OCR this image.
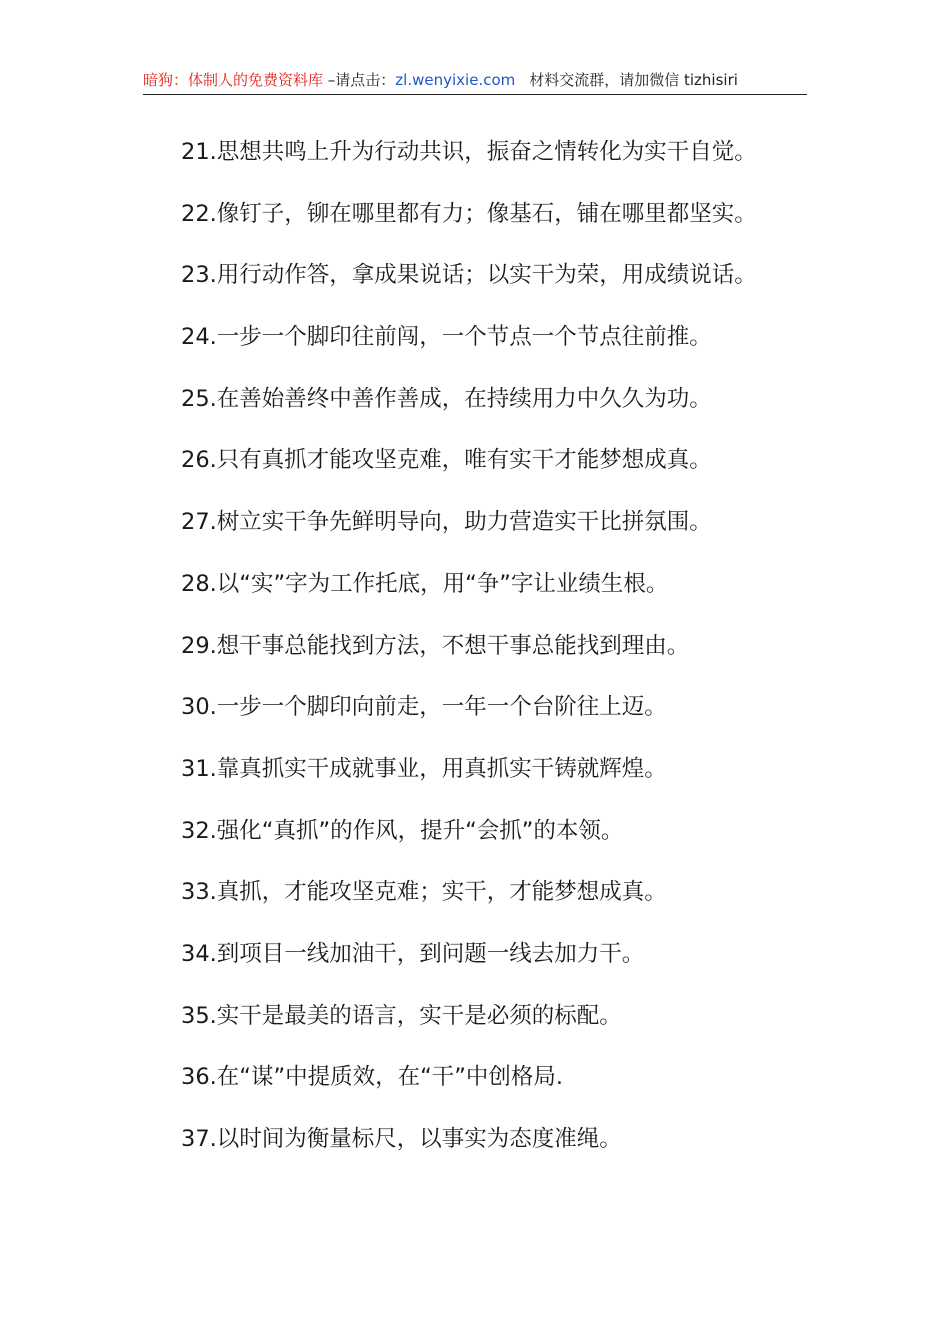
暗狗：体制人的免费资料库 –请点击：zl.wenyixie.com 材料交流群，请加微信 tizhisiri
21.思想共鸣上升为行动共识，振奋之情转化为实干自觉。
22.像钉子，铆在哪里都有力；像基石，铺在哪里都坚实。
23.用行动作答，拿成果说话；以实干为荣，用成绩说话。
24.一步一个脚印往前闯，一个节点一个节点往前推。
25.在善始善终中善作善成，在持续用力中久久为功。
26.只有真抓才能攻坚克难，唯有实干才能梦想成真。
27.树立实干争先鲜明导向，助力营造实干比拼氛围。
28.以“实”字为工作托底，用“争”字让业绩生根。
29.想干事总能找到方法，不想干事总能找到理由。
30.一步一个脚印向前走，一年一个台阶往上迈。
31.靠真抓实干成就事业，用真抓实干铸就辉煌。
32.强化“真抓”的作风，提升“会抓”的本领。
33.真抓，才能攻坚克难；实干，才能梦想成真。
34.到项目一线加油干，到问题一线去加力干。
35.实干是最美的语言，实干是必须的标配。
36.在“谋”中提质效，在“干”中创格局.
37.以时间为衡量标尺，以事实为态度准绳。
